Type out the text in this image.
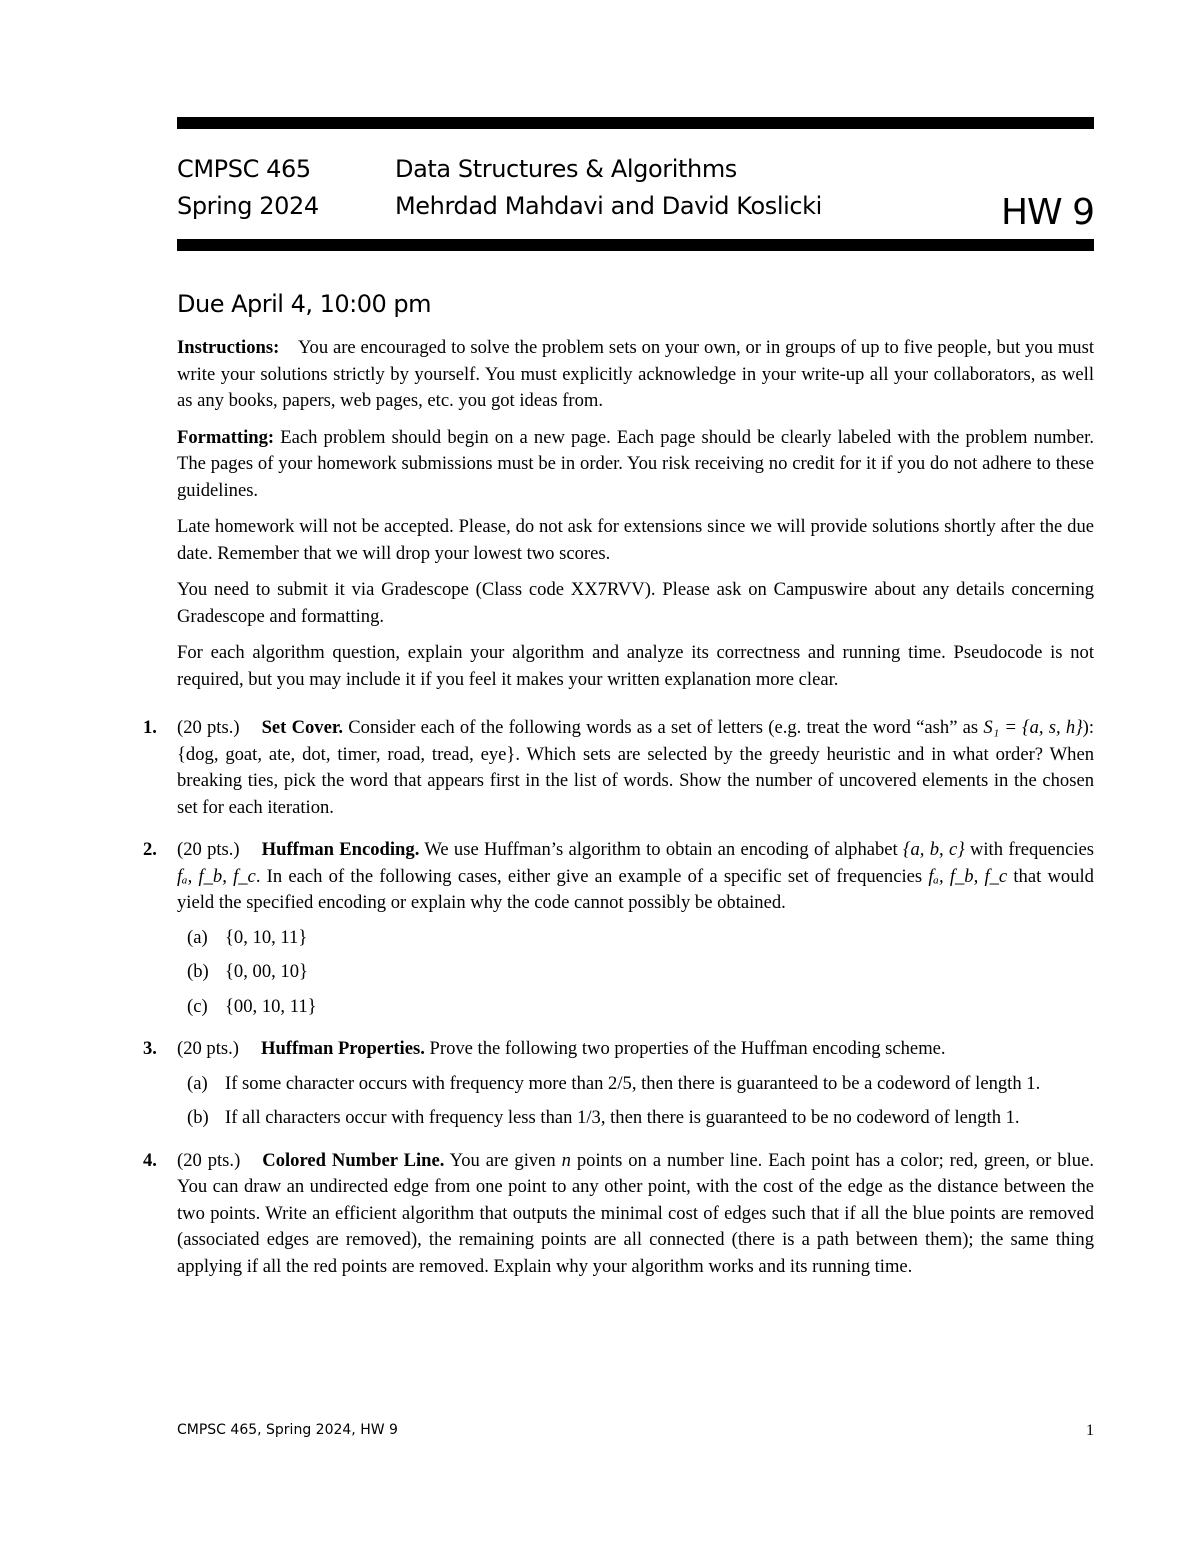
CMPSC 465
Spring 2024
Data Structures & Algorithms
Mehrdad Mahdavi and David Koslicki	HW 9
Due April 4, 10:00 pm

Instructions: You are encouraged to solve the problem sets on your own, or in groups of up to five people, but you must write your solutions strictly by yourself. You must explicitly acknowledge in your write-up all your collaborators, as well as any books, papers, web pages, etc. you got ideas from.

Formatting: Each problem should begin on a new page. Each page should be clearly labeled with the problem number. The pages of your homework submissions must be in order. You risk receiving no credit for it if you do not adhere to these guidelines.

Late homework will not be accepted. Please, do not ask for extensions since we will provide solutions shortly after the due date. Remember that we will drop your lowest two scores.

You need to submit it via Gradescope (Class code XX7RVV). Please ask on Campuswire about any details concerning Gradescope and formatting.

For each algorithm question, explain your algorithm and analyze its correctness and running time. Pseudocode is not required, but you may include it if you feel it makes your written explanation more clear.

1. (20 pts.) Set Cover. Consider each of the following words as a set of letters (e.g. treat the word “ash” as S₁ = {a, s, h}): {dog, goat, ate, dot, timer, road, tread, eye}. Which sets are selected by the greedy heuristic and in what order? When breaking ties, pick the word that appears first in the list of words. Show the number of uncovered elements in the chosen set for each iteration.

2. (20 pts.) Huffman Encoding. We use Huffman’s algorithm to obtain an encoding of alphabet {a, b, c} with frequencies fₐ, f_b, f_c. In each of the following cases, either give an example of a specific set of frequencies fₐ, f_b, f_c that would yield the specified encoding or explain why the code cannot possibly be obtained.

(a) {0, 10, 11}
(b) {0, 00, 10}
(c) {00, 10, 11}
3. (20 pts.) Huffman Properties. Prove the following two properties of the Huffman encoding scheme.

(a) If some character occurs with frequency more than 2/5, then there is guaranteed to be a codeword of length 1.
(b) If all characters occur with frequency less than 1/3, then there is guaranteed to be no codeword of length 1.
4. (20 pts.) Colored Number Line. You are given n points on a number line. Each point has a color; red, green, or blue. You can draw an undirected edge from one point to any other point, with the cost of the edge as the distance between the two points. Write an efficient algorithm that outputs the minimal cost of edges such that if all the blue points are removed (associated edges are removed), the remaining points are all connected (there is a path between them); the same thing applying if all the red points are removed. Explain why your algorithm works and its running time.

CMPSC 465, Spring 2024, HW 9	1
